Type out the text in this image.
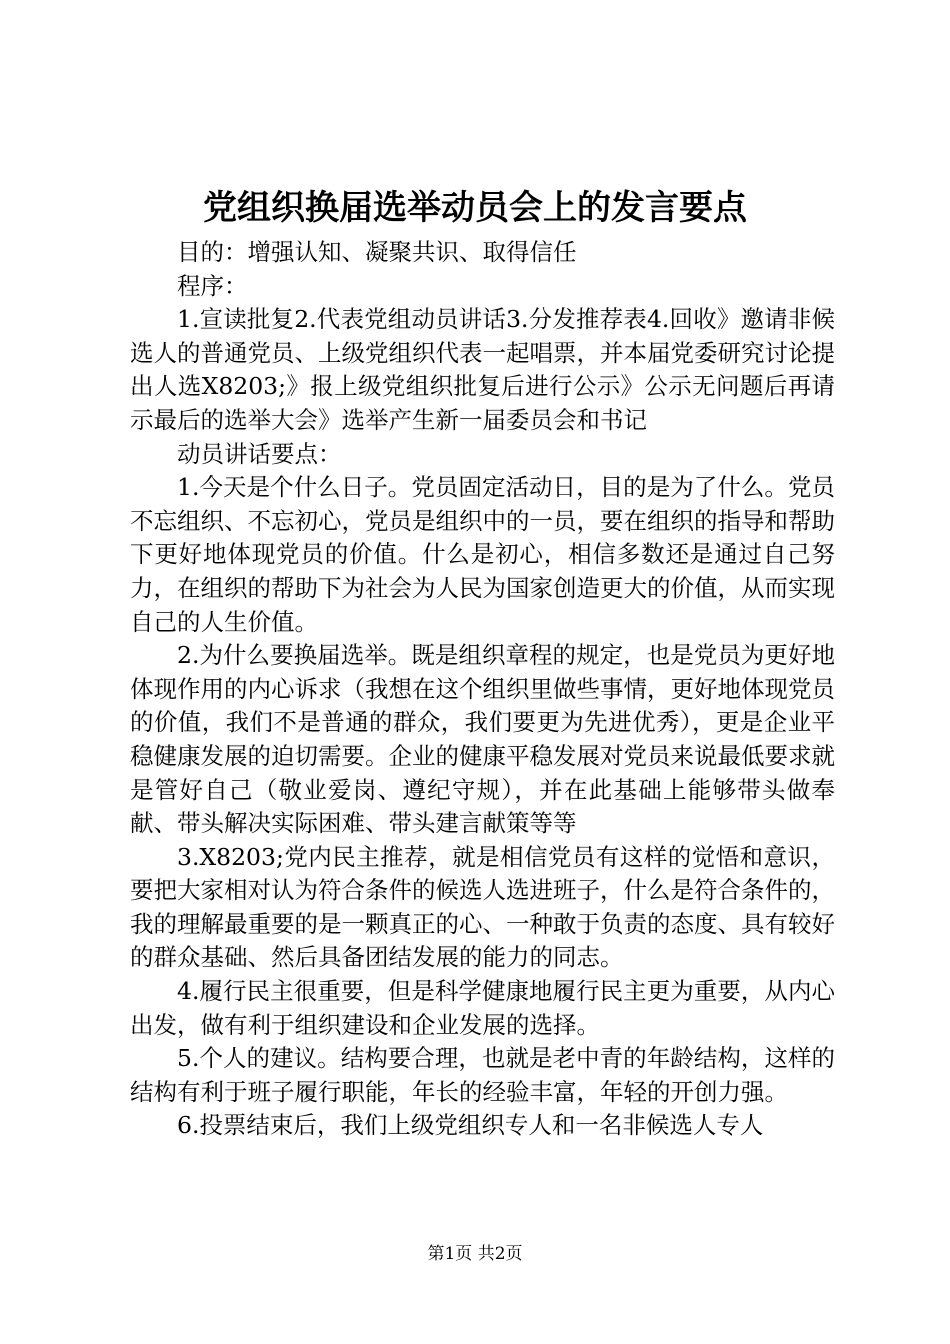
党组织换届选举动员会上的发言要点

目的：增强认知、凝聚共识、取得信任

程序：

1.宣读批复2.代表党组动员讲话3.分发推荐表4.回收》邀请非候选人的普通党员、上级党组织代表一起唱票，并本届党委研究讨论提出人选X8203;》报上级党组织批复后进行公示》公示无问题后再请示最后的选举大会》选举产生新一届委员会和书记

动员讲话要点：

1.今天是个什么日子。党员固定活动日，目的是为了什么。党员不忘组织、不忘初心，党员是组织中的一员，要在组织的指导和帮助下更好地体现党员的价值。什么是初心，相信多数还是通过自己努力，在组织的帮助下为社会为人民为国家创造更大的价值，从而实现自己的人生价值。

2.为什么要换届选举。既是组织章程的规定，也是党员为更好地体现作用的内心诉求（我想在这个组织里做些事情，更好地体现党员的价值，我们不是普通的群众，我们要更为先进优秀），更是企业平稳健康发展的迫切需要。企业的健康平稳发展对党员来说最低要求就是管好自己（敬业爱岗、遵纪守规），并在此基础上能够带头做奉献、带头解决实际困难、带头建言献策等等

3.X8203;党内民主推荐，就是相信党员有这样的觉悟和意识，要把大家相对认为符合条件的候选人选进班子，什么是符合条件的，我的理解最重要的是一颗真正的心、一种敢于负责的态度、具有较好的群众基础、然后具备团结发展的能力的同志。

4.履行民主很重要，但是科学健康地履行民主更为重要，从内心出发，做有利于组织建设和企业发展的选择。

5.个人的建议。结构要合理，也就是老中青的年龄结构，这样的结构有利于班子履行职能，年长的经验丰富，年轻的开创力强。

6.投票结束后，我们上级党组织专人和一名非候选人专人

第1页 共2页
